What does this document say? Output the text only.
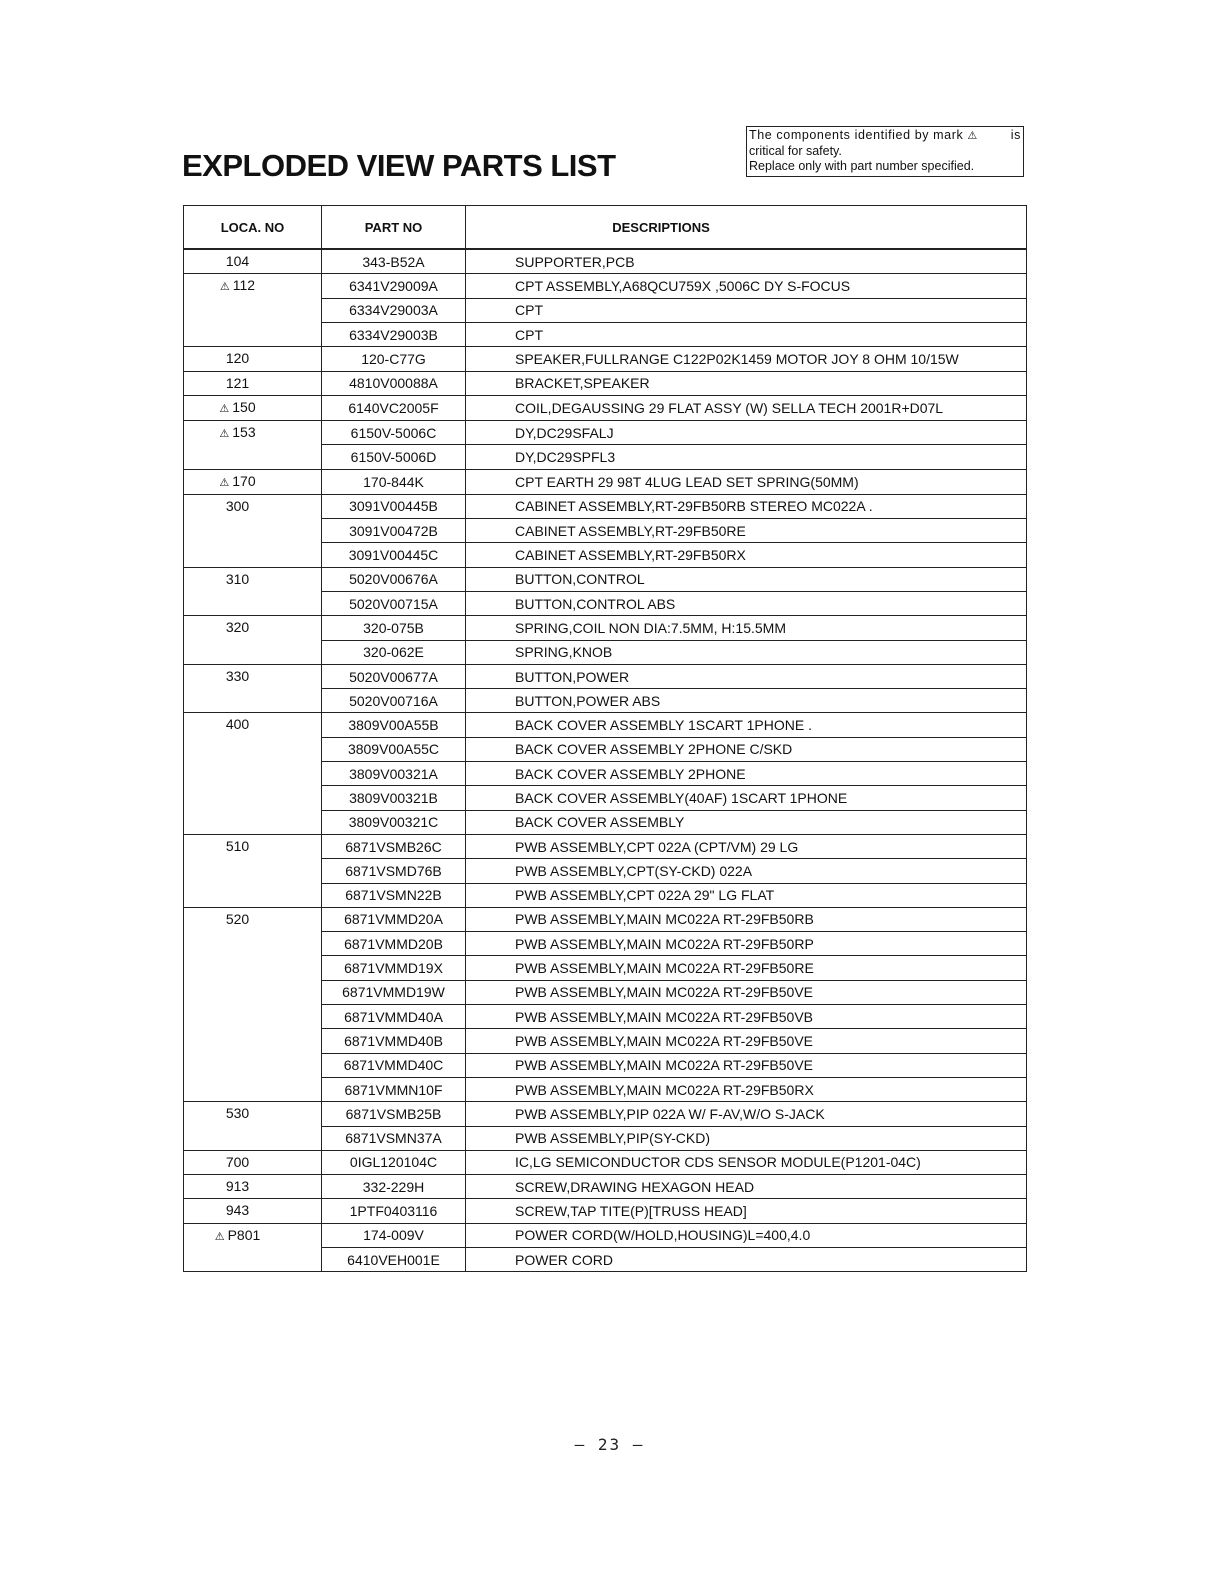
EXPLODED VIEW PARTS LIST
The components identified by mark ⚠	is
critical for safety.
Replace only with part number specified.
LOCA. NO	PART NO	DESCRIPTIONS
104	343-B52A	SUPPORTER,PCB
⚠ 112	6341V29009A	CPT ASSEMBLY,A68QCU759X ,5006C DY S-FOCUS
	6334V29003A	CPT
	6334V29003B	CPT
120	120-C77G	SPEAKER,FULLRANGE C122P02K1459 MOTOR JOY 8 OHM 10/15W
121	4810V00088A	BRACKET,SPEAKER
⚠ 150	6140VC2005F	COIL,DEGAUSSING 29 FLAT ASSY (W) SELLA TECH 2001R+D07L
⚠ 153	6150V-5006C	DY,DC29SFALJ
	6150V-5006D	DY,DC29SPFL3
⚠ 170	170-844K	CPT EARTH 29 98T 4LUG LEAD SET SPRING(50MM)
300	3091V00445B	CABINET ASSEMBLY,RT-29FB50RB STEREO MC022A .
	3091V00472B	CABINET ASSEMBLY,RT-29FB50RE
	3091V00445C	CABINET ASSEMBLY,RT-29FB50RX
310	5020V00676A	BUTTON,CONTROL
	5020V00715A	BUTTON,CONTROL ABS
320	320-075B	SPRING,COIL NON DIA:7.5MM, H:15.5MM
	320-062E	SPRING,KNOB
330	5020V00677A	BUTTON,POWER
	5020V00716A	BUTTON,POWER ABS
400	3809V00A55B	BACK COVER ASSEMBLY 1SCART 1PHONE .
	3809V00A55C	BACK COVER ASSEMBLY 2PHONE C/SKD
	3809V00321A	BACK COVER ASSEMBLY 2PHONE
	3809V00321B	BACK COVER ASSEMBLY(40AF) 1SCART 1PHONE
	3809V00321C	BACK COVER ASSEMBLY
510	6871VSMB26C	PWB ASSEMBLY,CPT 022A (CPT/VM) 29 LG
	6871VSMD76B	PWB ASSEMBLY,CPT(SY-CKD) 022A
	6871VSMN22B	PWB ASSEMBLY,CPT 022A 29" LG FLAT
520	6871VMMD20A	PWB ASSEMBLY,MAIN MC022A RT-29FB50RB
	6871VMMD20B	PWB ASSEMBLY,MAIN MC022A RT-29FB50RP
	6871VMMD19X	PWB ASSEMBLY,MAIN MC022A RT-29FB50RE
	6871VMMD19W	PWB ASSEMBLY,MAIN MC022A RT-29FB50VE
	6871VMMD40A	PWB ASSEMBLY,MAIN MC022A RT-29FB50VB
	6871VMMD40B	PWB ASSEMBLY,MAIN MC022A RT-29FB50VE
	6871VMMD40C	PWB ASSEMBLY,MAIN MC022A RT-29FB50VE
	6871VMMN10F	PWB ASSEMBLY,MAIN MC022A RT-29FB50RX
530	6871VSMB25B	PWB ASSEMBLY,PIP 022A W/ F-AV,W/O S-JACK
	6871VSMN37A	PWB ASSEMBLY,PIP(SY-CKD)
700	0IGL120104C	IC,LG SEMICONDUCTOR CDS SENSOR MODULE(P1201-04C)
913	332-229H	SCREW,DRAWING HEXAGON HEAD
943	1PTF0403116	SCREW,TAP TITE(P)[TRUSS HEAD]
⚠ P801	174-009V	POWER CORD(W/HOLD,HOUSING)L=400,4.0
	6410VEH001E	POWER CORD
– 23 –
